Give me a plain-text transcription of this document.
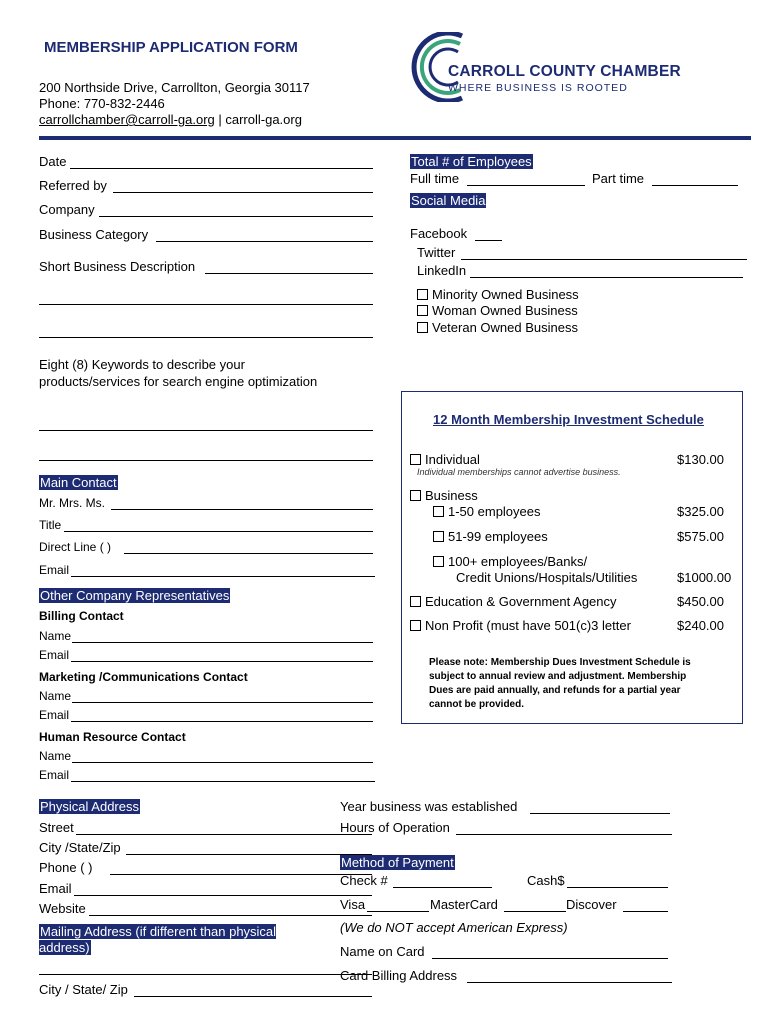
MEMBERSHIP APPLICATION FORM
200 Northside Drive, Carrollton, Georgia 30117
Phone: 770-832-2446
carrollchamber@carroll-ga.org | carroll-ga.org
CARROLL COUNTY CHAMBER
WHERE BUSINESS IS ROOTED
Date
Referred by
Company
Business Category
Short Business Description
Eight (8) Keywords to describe your
products/services for search engine optimization
Main Contact
Mr. Mrs. Ms.
Title
Direct Line ( )
Email
Other Company Representatives
Billing Contact
Name
Email
Marketing /Communications Contact
Name
Email
Human Resource Contact
Name
Email
Total # of Employees
Full time	Part time
Social Media
Facebook
Twitter
LinkedIn
Minority Owned Business
Woman Owned Business
Veteran Owned Business
12 Month Membership Investment Schedule
Individual	$130.00
Individual memberships cannot advertise business.
Business
1-50 employees	$325.00
51-99 employees	$575.00
100+ employees/Banks/
Credit Unions/Hospitals/Utilities	$1000.00
Education & Government Agency	$450.00
Non Profit (must have 501(c)3 letter	$240.00
Please note: Membership Dues Investment Schedule is
subject to annual review and adjustment. Membership
Dues are paid annually, and refunds for a partial year
cannot be provided.
Physical Address
Street
City /State/Zip
Phone ( )
Email
Website
Mailing Address (if different than physical address)
City / State/ Zip
Year business was established
Hours of Operation
Method of Payment
Check #	Cash$
Visa	MasterCard	Discover
(We do NOT accept American Express)
Name on Card
Card Billing Address
